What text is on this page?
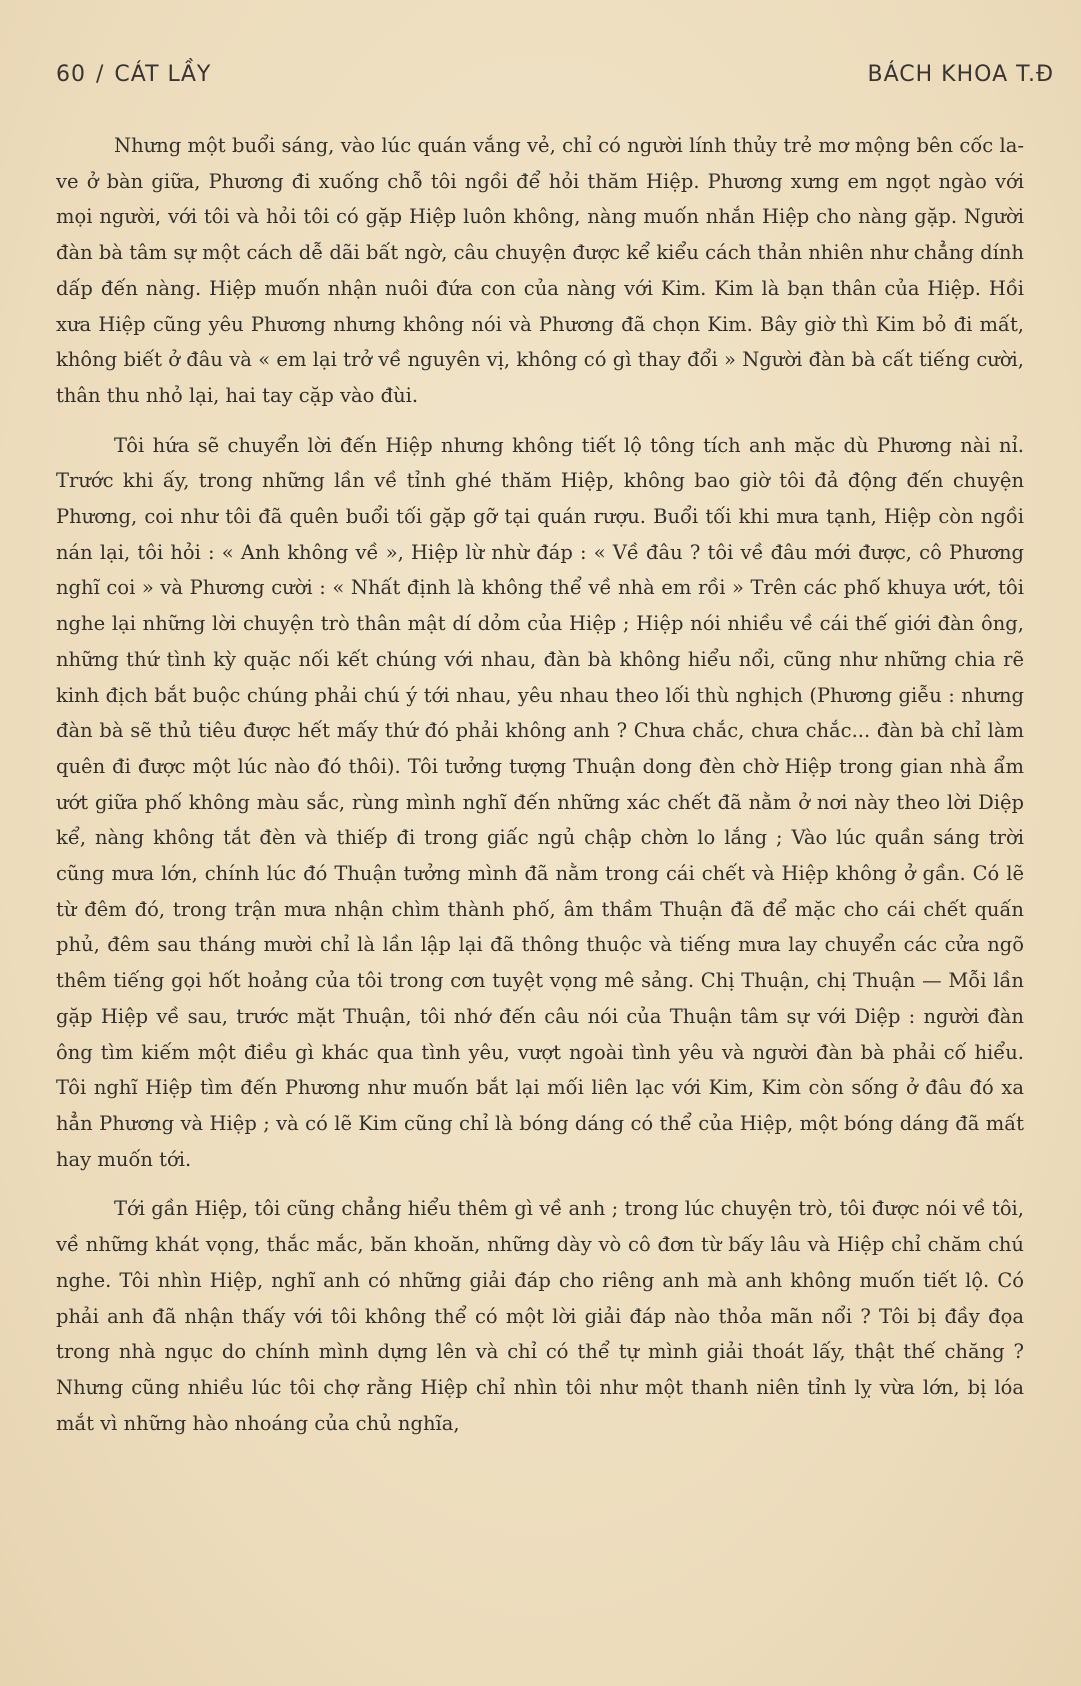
60 / CÁT LẦY	BÁCH KHOA T.Đ

Nhưng một buổi sáng, vào lúc quán vắng vẻ, chỉ có người lính thủy trẻ mơ mộng bên cốc la-ve ở bàn giữa, Phương đi xuống chỗ tôi ngồi để hỏi thăm Hiệp. Phương xưng em ngọt ngào với mọi người, với tôi và hỏi tôi có gặp Hiệp luôn không, nàng muốn nhắn Hiệp cho nàng gặp. Người đàn bà tâm sự một cách dễ dãi bất ngờ, câu chuyện được kể kiểu cách thản nhiên như chẳng dính dấp đến nàng. Hiệp muốn nhận nuôi đứa con của nàng với Kim. Kim là bạn thân của Hiệp. Hồi xưa Hiệp cũng yêu Phương nhưng không nói và Phương đã chọn Kim. Bây giờ thì Kim bỏ đi mất, không biết ở đâu và « em lại trở về nguyên vị, không có gì thay đổi » Người đàn bà cất tiếng cười, thân thu nhỏ lại, hai tay cặp vào đùi.

Tôi hứa sẽ chuyển lời đến Hiệp nhưng không tiết lộ tông tích anh mặc dù Phương nài nỉ. Trước khi ấy, trong những lần về tỉnh ghé thăm Hiệp, không bao giờ tôi đả động đến chuyện Phương, coi như tôi đã quên buổi tối gặp gỡ tại quán rượu. Buổi tối khi mưa tạnh, Hiệp còn ngồi nán lại, tôi hỏi : « Anh không về », Hiệp lừ nhừ đáp : « Về đâu ? tôi về đâu mới được, cô Phương nghĩ coi » và Phương cười : « Nhất định là không thể về nhà em rồi » Trên các phố khuya ướt, tôi nghe lại những lời chuyện trò thân mật dí dỏm của Hiệp ; Hiệp nói nhiều về cái thế giới đàn ông, những thứ tình kỳ quặc nối kết chúng với nhau, đàn bà không hiểu nổi, cũng như những chia rẽ kinh địch bắt buộc chúng phải chú ý tới nhau, yêu nhau theo lối thù nghịch (Phương giễu : nhưng đàn bà sẽ thủ tiêu được hết mấy thứ đó phải không anh ? Chưa chắc, chưa chắc... đàn bà chỉ làm quên đi được một lúc nào đó thôi). Tôi tưởng tượng Thuận dong đèn chờ Hiệp trong gian nhà ẩm ướt giữa phố không màu sắc, rùng mình nghĩ đến những xác chết đã nằm ở nơi này theo lời Diệp kể, nàng không tắt đèn và thiếp đi trong giấc ngủ chập chờn lo lắng ; Vào lúc quần sáng trời cũng mưa lớn, chính lúc đó Thuận tưởng mình đã nằm trong cái chết và Hiệp không ở gần. Có lẽ từ đêm đó, trong trận mưa nhận chìm thành phố, âm thầm Thuận đã để mặc cho cái chết quấn phủ, đêm sau tháng mười chỉ là lần lập lại đã thông thuộc và tiếng mưa lay chuyển các cửa ngõ thêm tiếng gọi hốt hoảng của tôi trong cơn tuyệt vọng mê sảng. Chị Thuận, chị Thuận — Mỗi lần gặp Hiệp về sau, trước mặt Thuận, tôi nhớ đến câu nói của Thuận tâm sự với Diệp : người đàn ông tìm kiếm một điều gì khác qua tình yêu, vượt ngoài tình yêu và người đàn bà phải cố hiểu. Tôi nghĩ Hiệp tìm đến Phương như muốn bắt lại mối liên lạc với Kim, Kim còn sống ở đâu đó xa hẳn Phương và Hiệp ; và có lẽ Kim cũng chỉ là bóng dáng có thể của Hiệp, một bóng dáng đã mất hay muốn tới.

Tới gần Hiệp, tôi cũng chẳng hiểu thêm gì về anh ; trong lúc chuyện trò, tôi được nói về tôi, về những khát vọng, thắc mắc, băn khoăn, những dày vò cô đơn từ bấy lâu và Hiệp chỉ chăm chú nghe. Tôi nhìn Hiệp, nghĩ anh có những giải đáp cho riêng anh mà anh không muốn tiết lộ. Có phải anh đã nhận thấy với tôi không thể có một lời giải đáp nào thỏa mãn nổi ? Tôi bị đầy đọa trong nhà ngục do chính mình dựng lên và chỉ có thể tự mình giải thoát lấy, thật thế chăng ? Nhưng cũng nhiều lúc tôi chợ rằng Hiệp chỉ nhìn tôi như một thanh niên tỉnh lỵ vừa lớn, bị lóa mắt vì những hào nhoáng của chủ nghĩa,
